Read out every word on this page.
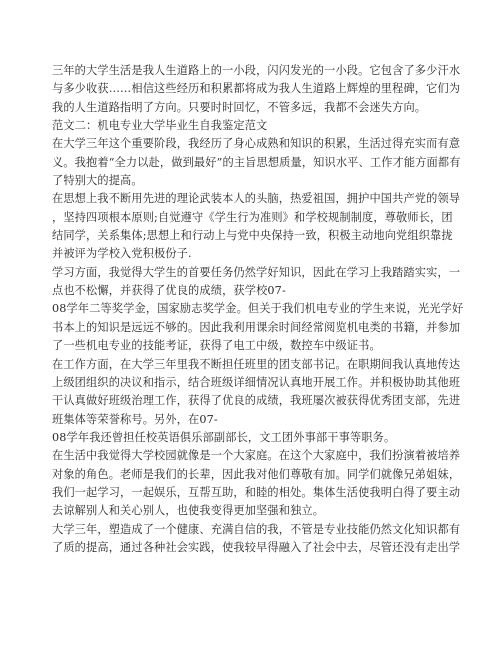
三年的大学生活是我人生道路上的一小段，闪闪发光的一小段。它包含了多少汗水
与多少收获……相信这些经历和积累都将成为我人生道路上辉煌的里程碑，它们为
我的人生道路指明了方向。只要时时回忆，不管多远，我都不会迷失方向。
范文二：机电专业大学毕业生自我鉴定范文
在大学三年这个重要阶段，我经历了身心成熟和知识的积累，生活过得充实而有意
义。我抱着“全力以赴，做到最好”的主旨思想质量，知识水平、工作才能方面都有
了特别大的提高。
在思想上我不断用先进的理论武装本人的头脑，热爱祖国，拥护中国共产党的领导
，坚持四项根本原则;自觉遵守《学生行为准则》和学校规制制度，尊敬师长，团
结同学，关系集体;思想上和行动上与党中央保持一致，积极主动地向党组织靠拢
并被评为学校入党积极份子.
学习方面，我觉得大学生的首要任务仍然学好知识，因此在学习上我踏踏实实，一
点也不松懈，并获得了优良的成绩，获学校07-
08学年二等奖学金，国家励志奖学金。但关于我们机电专业的学生来说，光光学好
书本上的知识是远远不够的。因此我利用课余时间经常阅览机电类的书籍，并参加
了一些机电专业的技能考证，获得了电工中级，数控车中级证书。
在工作方面，在大学三年里我不断担任班里的团支部书记。在职期间我认真地传达
上级团组织的决议和指示，结合班级详细情况认真地开展工作。并积极协助其他班
干认真做好班级治理工作，获得了优良的成绩，我班屡次被获得优秀团支部，先进
班集体等荣誉称号。另外，在07-
08学年我还曾担任校英语俱乐部副部长，文工团外事部干事等职务。
在生活中我觉得大学校园就像是一个大家庭。在这个大家庭中，我们扮演着被培养
对象的角色。老师是我们的长辈，因此我对他们尊敬有加。同学们就像兄弟姐妹，
我们一起学习，一起娱乐，互帮互助，和睦的相处。集体生活使我明白得了要主动
去谅解别人和关心别人，也使我变得更加坚强和独立。
大学三年，塑造成了一个健康、充满自信的我，不管是专业技能仍然文化知识都有
了质的提高，通过各种社会实践，使我较早得融入了社会中去，尽管还没有走出学
